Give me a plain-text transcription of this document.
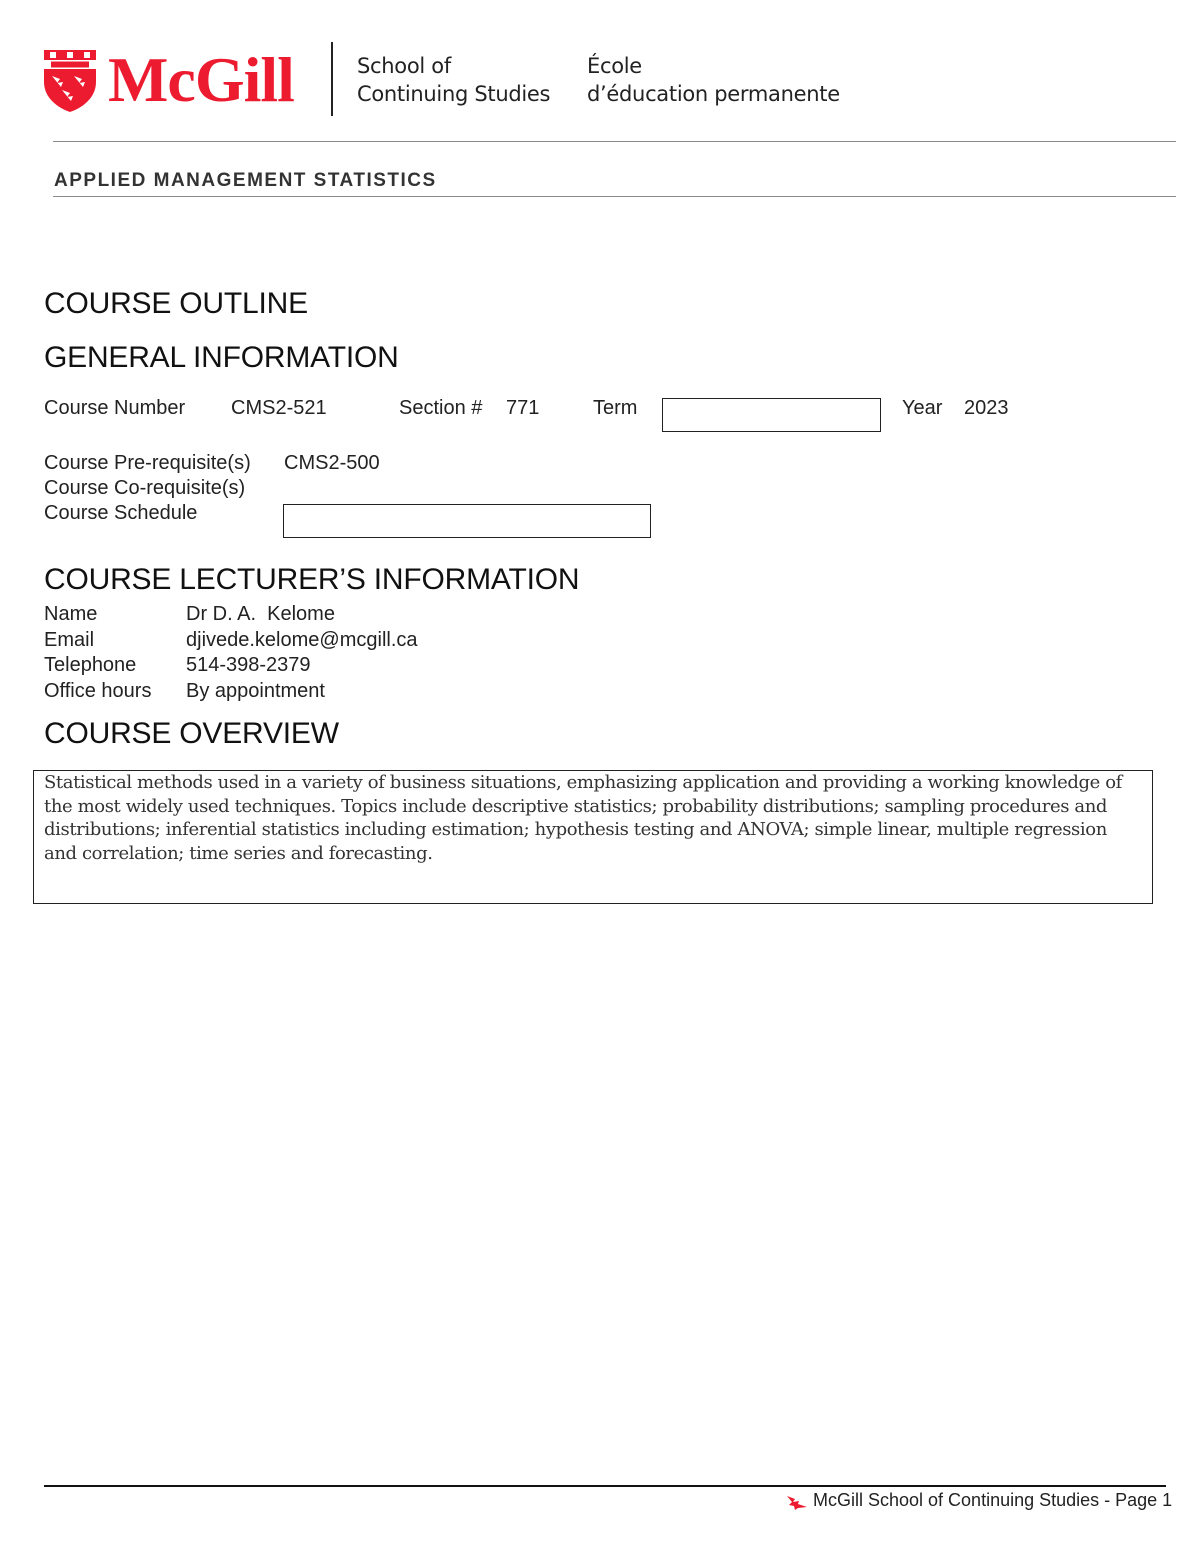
McGill	School of
Continuing Studies
École
d’éducation permanente
APPLIED MANAGEMENT STATISTICS
COURSE OUTLINE
GENERAL INFORMATION
Course Number CMS2-521	Section # 771	Term	Year 2023
Course Pre-requisite(s) CMS2-500
Course Co-requisite(s)
Course Schedule
COURSE LECTURER’S INFORMATION
Name	Dr D. A.  Kelome
Email	djivede.kelome@mcgill.ca
Telephone 514-398-2379
Office hours By appointment
COURSE OVERVIEW
Statistical methods used in a variety of business situations, emphasizing application and providing a working knowledge of the most widely used techniques. Topics include descriptive statistics; probability distributions; sampling procedures and distributions; inferential statistics including estimation; hypothesis testing and ANOVA; simple linear, multiple regression and correlation; time series and forecasting.
McGill School of Continuing Studies - Page 1
